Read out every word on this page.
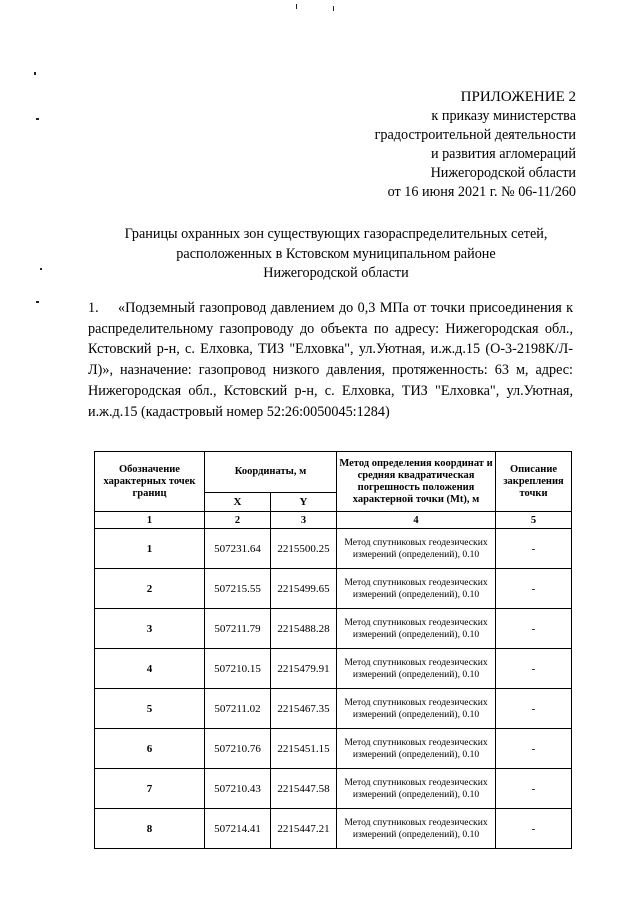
ПРИЛОЖЕНИЕ 2
к приказу министерства
градостроительной деятельности
и развития агломераций
Нижегородской области
от 16 июня 2021 г. № 06-11/260
Границы охранных зон существующих газораспределительных сетей,
расположенных в Кстовском муниципальном районе
Нижегородской области
1. «Подземный газопровод давлением до 0,3 МПа от точки присоединения к распределительному газопроводу до объекта по адресу: Нижегородская обл., Кстовский р-н, с. Елховка, ТИЗ "Елховка", ул.Уютная, и.ж.д.15 (О-3-2198К/Л-Л)», назначение: газопровод низкого давления, протяженность: 63 м, адрес: Нижегородская обл., Кстовский р-н, с. Елховка, ТИЗ "Елховка", ул.Уютная, и.ж.д.15 (кадастровый номер 52:26:0050045:1284)
Обозначение характерных точек границ	Координаты, м		Метод определения координат и средняя квадратическая погрешность положения характерной точки (Mt), м	Описание закрепления точки
	X	Y		
1	2	3	4	5
1	507231.64	2215500.25	Метод спутниковых геодезических измерений (определений), 0.10	-
2	507215.55	2215499.65	Метод спутниковых геодезических измерений (определений), 0.10	-
3	507211.79	2215488.28	Метод спутниковых геодезических измерений (определений), 0.10	-
4	507210.15	2215479.91	Метод спутниковых геодезических измерений (определений), 0.10	-
5	507211.02	2215467.35	Метод спутниковых геодезических измерений (определений), 0.10	-
6	507210.76	2215451.15	Метод спутниковых геодезических измерений (определений), 0.10	-
7	507210.43	2215447.58	Метод спутниковых геодезических измерений (определений), 0.10	-
8	507214.41	2215447.21	Метод спутниковых геодезических измерений (определений), 0.10	-
